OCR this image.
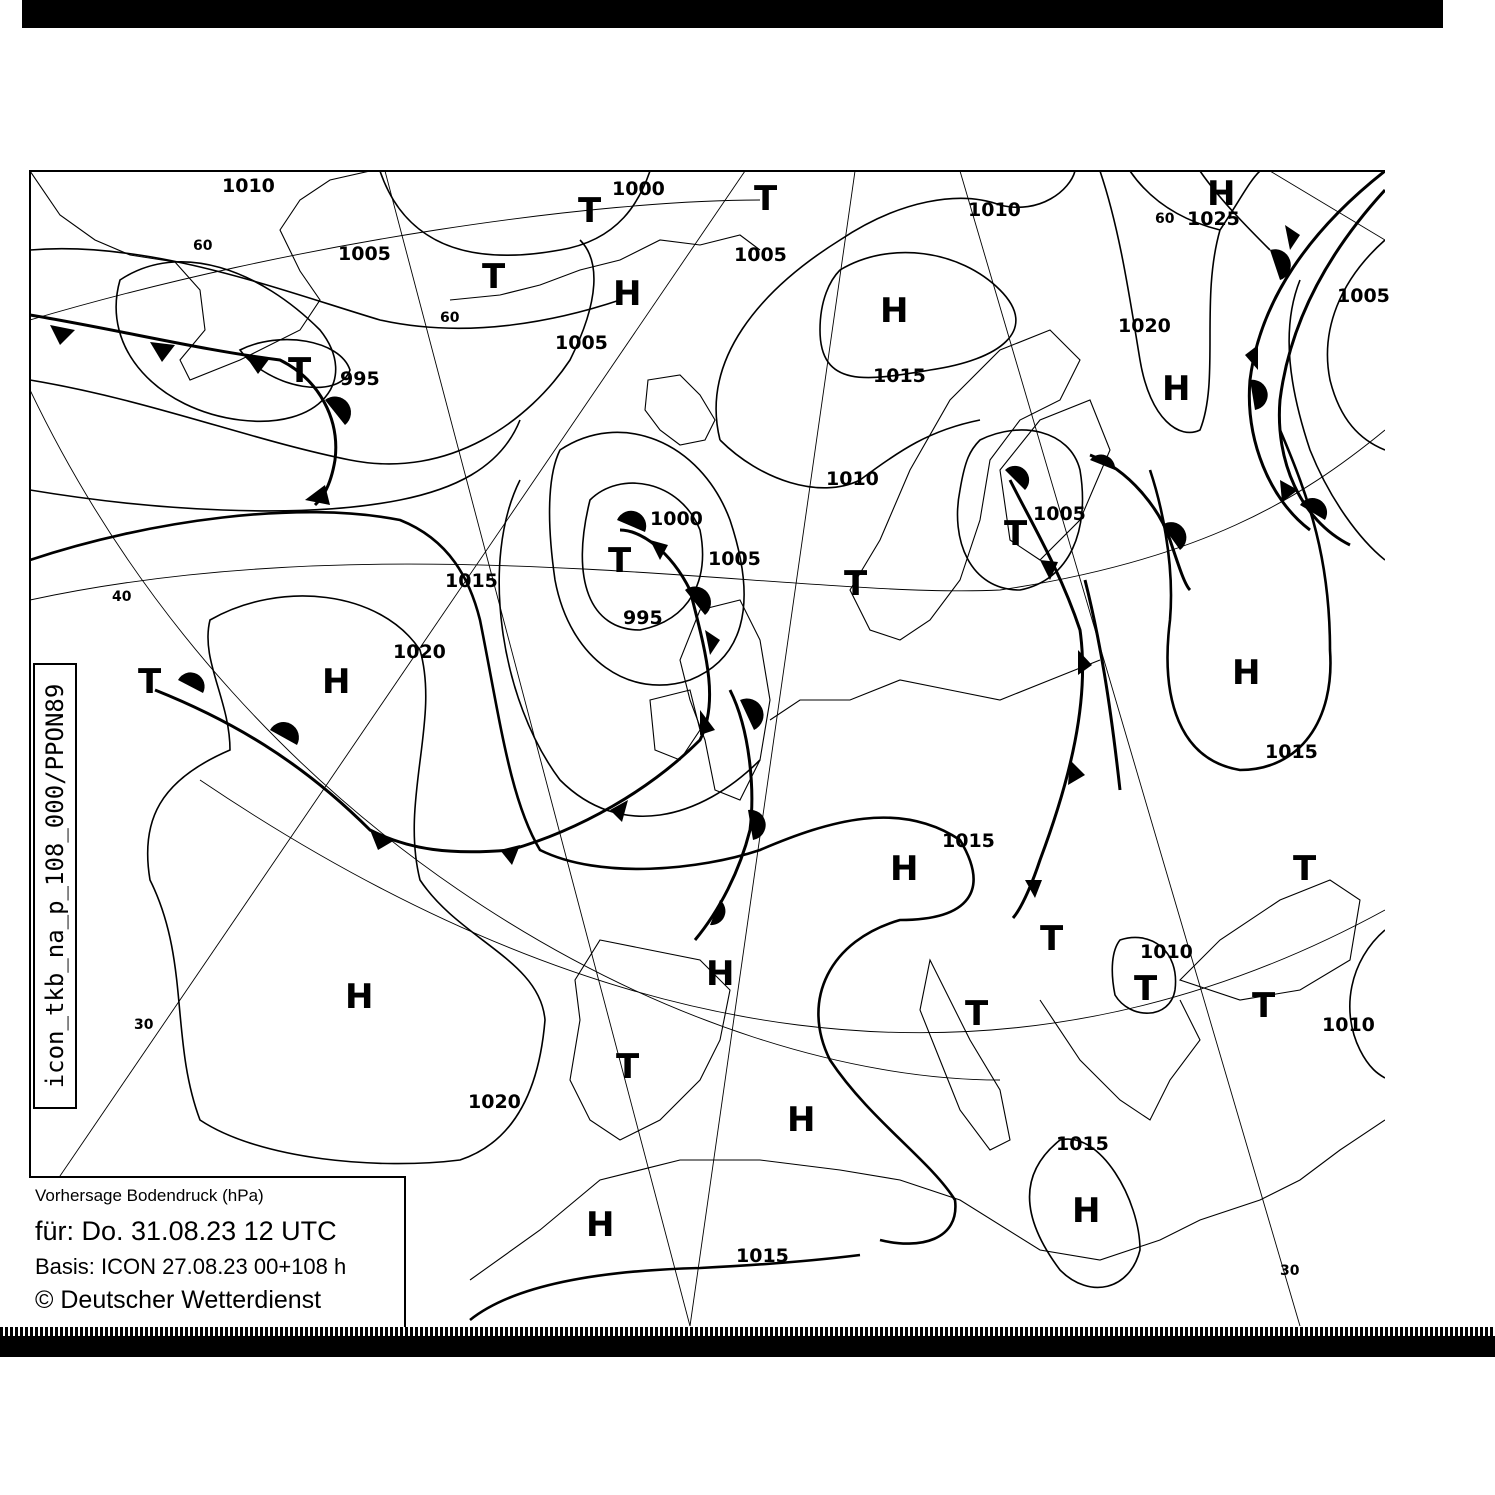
1010	1000
1005	1005
1010	1025
1020
1005
995
1005
1015
1010
1000	1005
1005
1015
1020
995
1015
1015
1010
1020
1015
1010
1015
T	T
T	H
H
T
T
T
H
T
H
H
H
T
T
T
H
T	T
H
T
H
T
H
H
H
60
60
60
40
30
30
icon_tkb_na_p_108_000/PPON89
Vorhersage Bodendruck (hPa)
für: Do. 31.08.23 12 UTC
Basis: ICON 27.08.23 00+108 h
© Deutscher Wetterdienst
